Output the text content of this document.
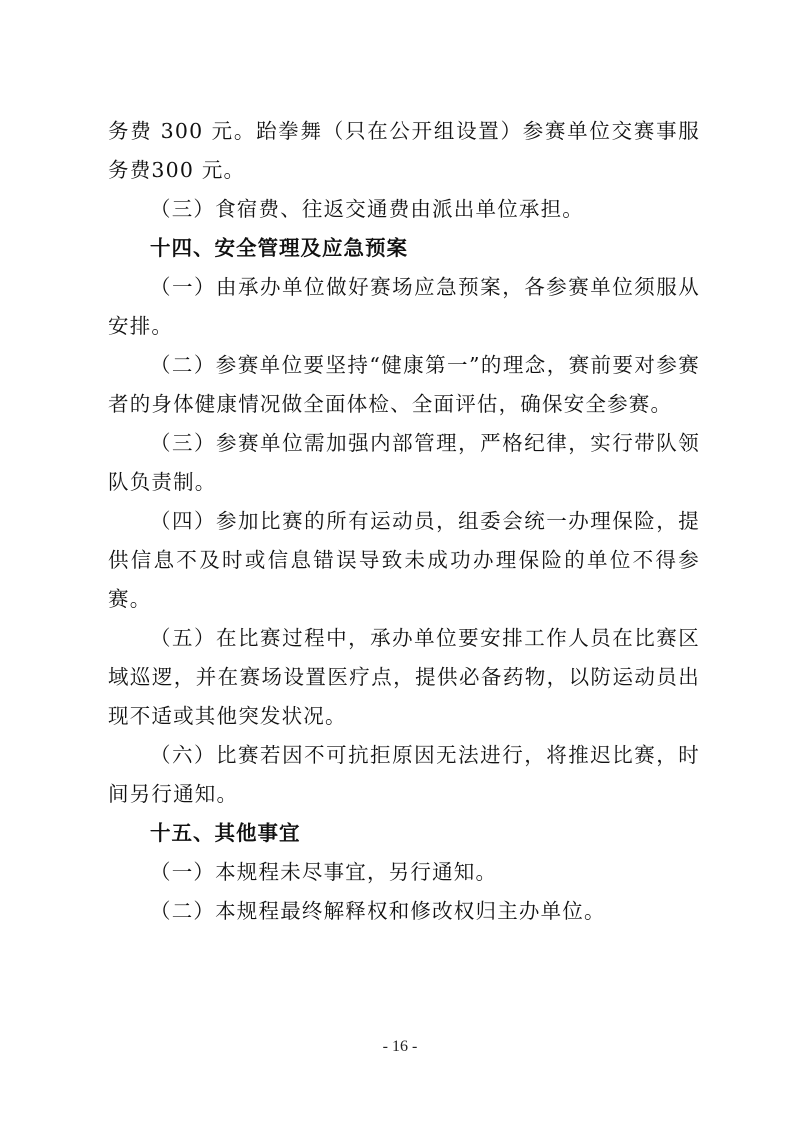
务费 300 元。跆拳舞（只在公开组设置）参赛单位交赛事服务费300 元。

（三）食宿费、往返交通费由派出单位承担。

十四、安全管理及应急预案

（一）由承办单位做好赛场应急预案，各参赛单位须服从安排。

（二）参赛单位要坚持“健康第一”的理念，赛前要对参赛者的身体健康情况做全面体检、全面评估，确保安全参赛。

（三）参赛单位需加强内部管理，严格纪律，实行带队领队负责制。

（四）参加比赛的所有运动员，组委会统一办理保险，提供信息不及时或信息错误导致未成功办理保险的单位不得参赛。

（五）在比赛过程中，承办单位要安排工作人员在比赛区域巡逻，并在赛场设置医疗点，提供必备药物，以防运动员出现不适或其他突发状况。

（六）比赛若因不可抗拒原因无法进行，将推迟比赛，时间另行通知。

十五、其他事宜

（一）本规程未尽事宜，另行通知。

（二）本规程最终解释权和修改权归主办单位。

- 16 -
